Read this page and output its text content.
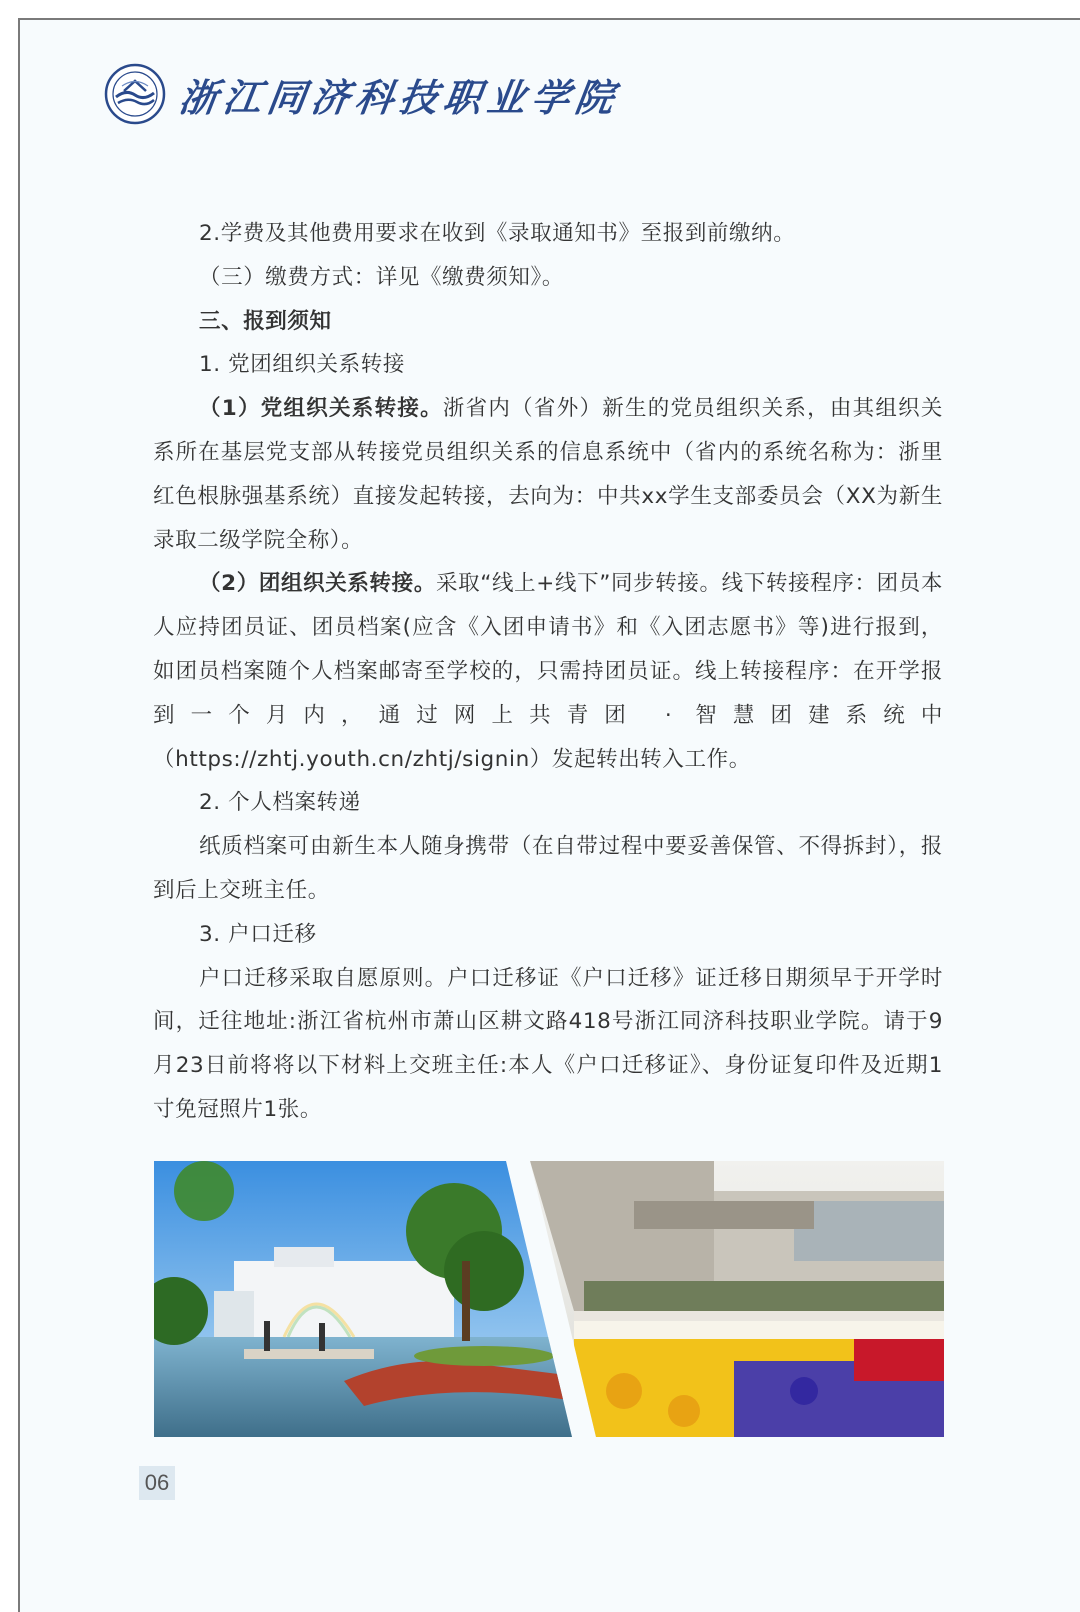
浙江同济科技职业学院

2.学费及其他费用要求在收到《录取通知书》至报到前缴纳。

（三）缴费方式：详见《缴费须知》。

三、报到须知

1. 党团组织关系转接

（1）党组织关系转接。浙省内（省外）新生的党员组织关系，由其组织关系所在基层党支部从转接党员组织关系的信息系统中（省内的系统名称为：浙里红色根脉强基系统）直接发起转接，去向为：中共xx学生支部委员会（XX为新生录取二级学院全称）。

（2）团组织关系转接。采取“线上+线下”同步转接。线下转接程序：团员本人应持团员证、团员档案(应含《入团申请书》和《入团志愿书》等)进行报到，如团员档案随个人档案邮寄至学校的，只需持团员证。线上转接程序：在开学报到一个月内，通过网上共青团 · 智慧团建系统中（https://zhtj.youth.cn/zhtj/signin）发起转出转入工作。

2. 个人档案转递

纸质档案可由新生本人随身携带（在自带过程中要妥善保管、不得拆封），报到后上交班主任。

3. 户口迁移

户口迁移采取自愿原则。户口迁移证《户口迁移》证迁移日期须早于开学时间，迁往地址:浙江省杭州市萧山区耕文路418号浙江同济科技职业学院。请于9月23日前将将以下材料上交班主任:本人《户口迁移证》、身份证复印件及近期1寸免冠照片1张。

06
